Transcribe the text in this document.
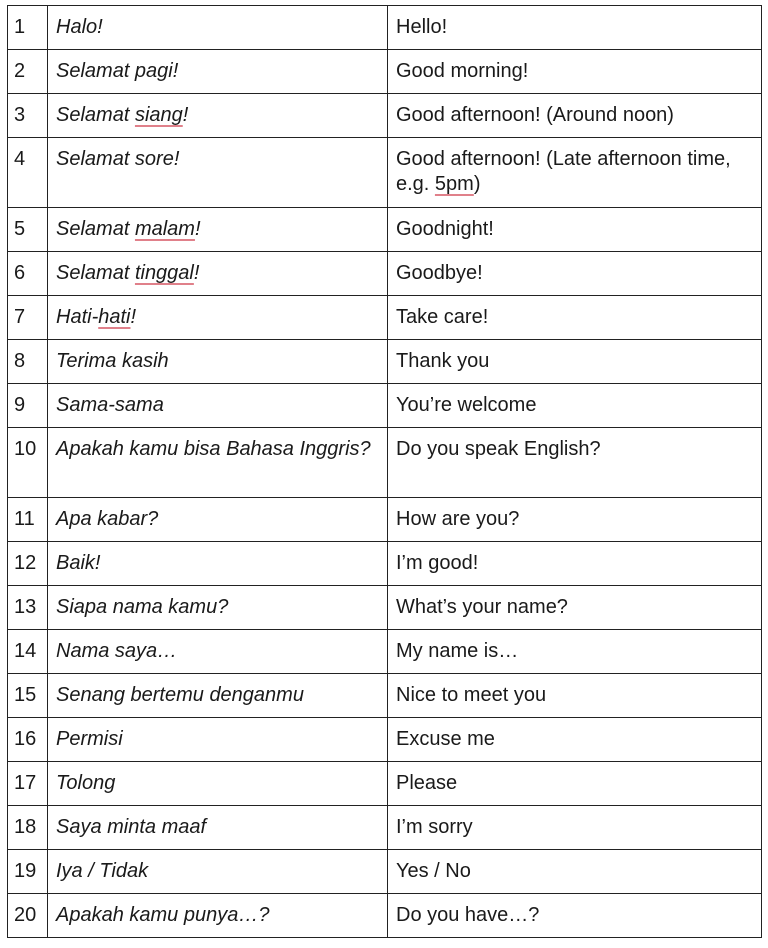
1	Halo!	Hello!
2	Selamat pagi!	Good morning!
3	Selamat siang!	Good afternoon! (Around noon)
4	Selamat sore!	Good afternoon! (Late afternoon time, e.g. 5pm)
5	Selamat malam!	Goodnight!
6	Selamat tinggal!	Goodbye!
7	Hati-hati!	Take care!
8	Terima kasih	Thank you
9	Sama-sama	You’re welcome
10	Apakah kamu bisa Bahasa Inggris?	Do you speak English?
11	Apa kabar?	How are you?
12	Baik!	I’m good!
13	Siapa nama kamu?	What’s your name?
14	Nama saya…	My name is…
15	Senang bertemu denganmu	Nice to meet you
16	Permisi	Excuse me
17	Tolong	Please
18	Saya minta maaf	I’m sorry
19	Iya / Tidak	Yes / No
20	Apakah kamu punya…?	Do you have…?
